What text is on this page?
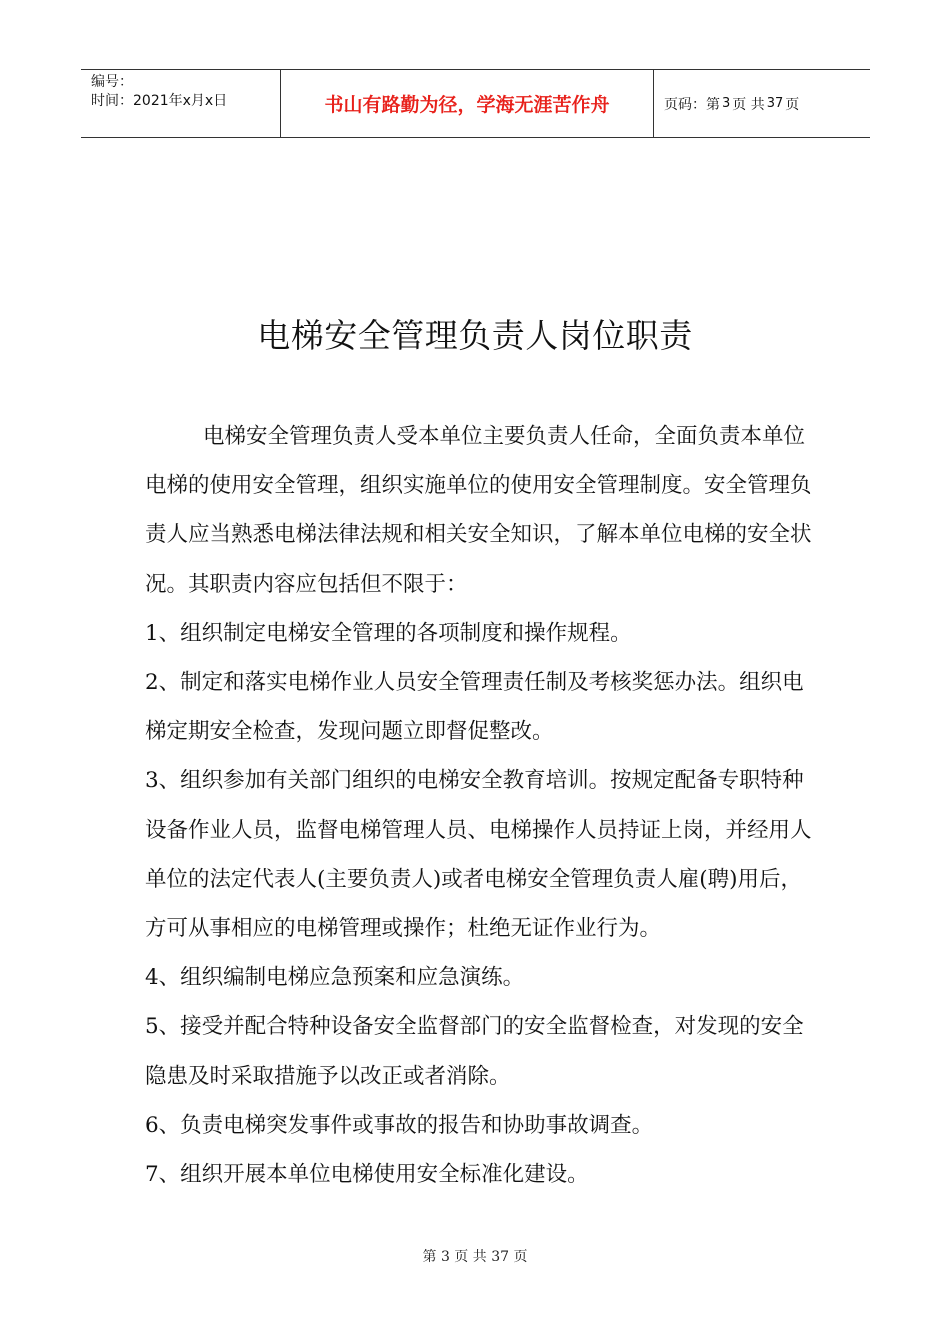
编号：
时间：2021年x月x日	书山有路勤为径，学海无涯苦作舟	页码：第 3 页 共 37 页
电梯安全管理负责人岗位职责

电梯安全管理负责人受本单位主要负责人任命，全面负责本单位电梯的使用安全管理，组织实施单位的使用安全管理制度。安全管理负责人应当熟悉电梯法律法规和相关安全知识，了解本单位电梯的安全状况。其职责内容应包括但不限于：

1、组织制定电梯安全管理的各项制度和操作规程。

2、制定和落实电梯作业人员安全管理责任制及考核奖惩办法。组织电梯定期安全检查，发现问题立即督促整改。

3、组织参加有关部门组织的电梯安全教育培训。按规定配备专职特种设备作业人员，监督电梯管理人员、电梯操作人员持证上岗，并经用人单位的法定代表人(主要负责人)或者电梯安全管理负责人雇(聘)用后，方可从事相应的电梯管理或操作；杜绝无证作业行为。

4、组织编制电梯应急预案和应急演练。

5、接受并配合特种设备安全监督部门的安全监督检查，对发现的安全隐患及时采取措施予以改正或者消除。

6、负责电梯突发事件或事故的报告和协助事故调查。

7、组织开展本单位电梯使用安全标准化建设。

第 3 页 共 37 页
